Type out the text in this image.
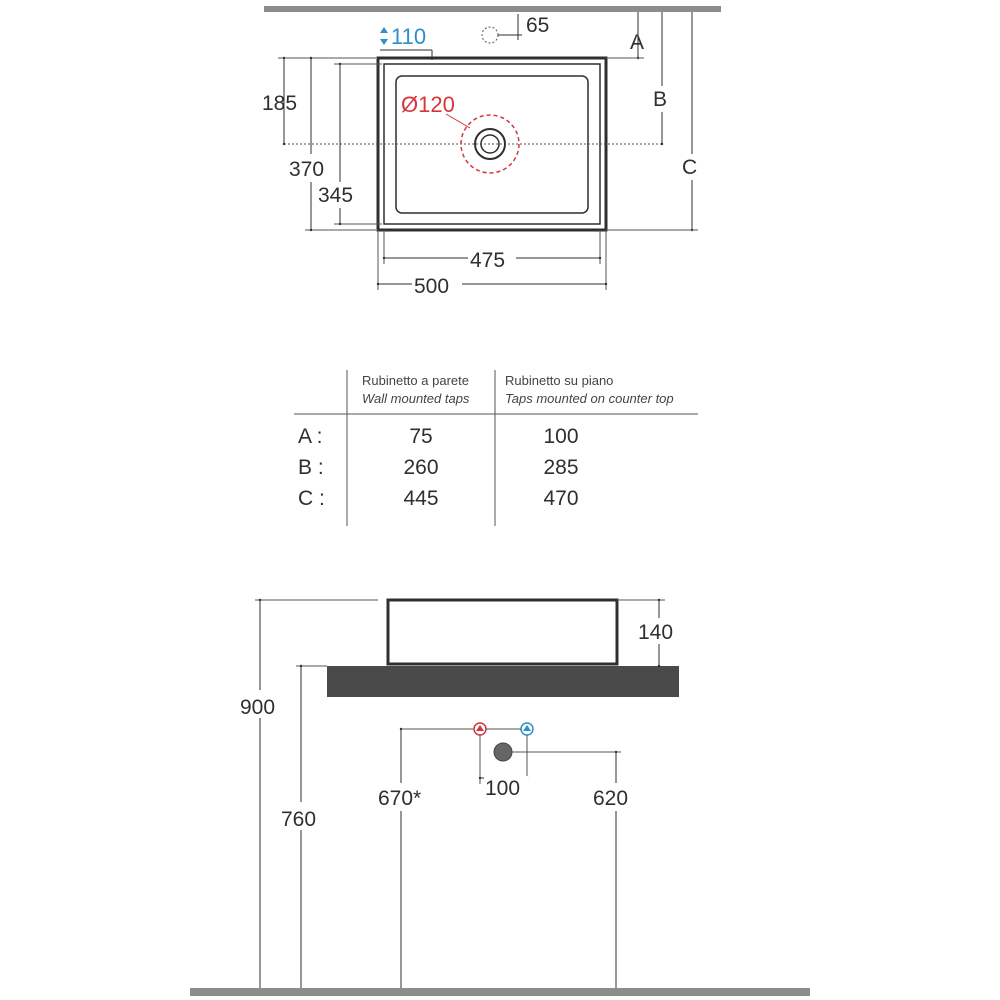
Ø120
65
110
185
370
345
475
500
A
B
C
Rubinetto a parete
Wall mounted taps
Rubinetto su piano
Taps mounted on counter top
A :	75	100
B :	260	285
C :	445	470
140
900
760
670*	100	620
